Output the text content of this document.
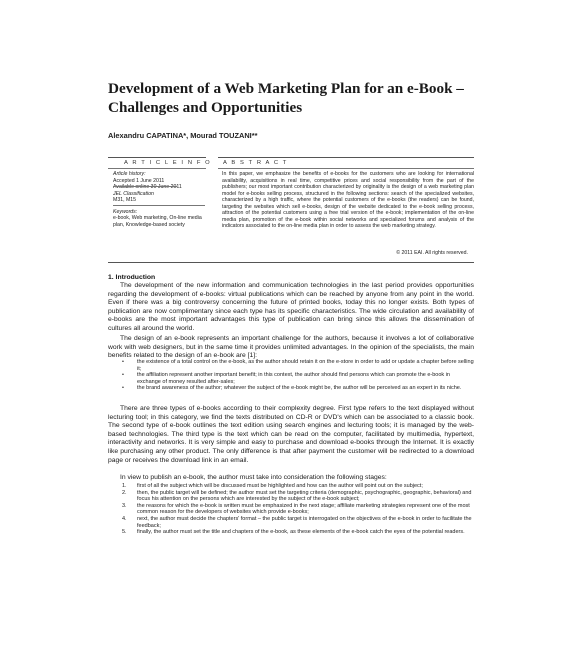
Development of a Web Marketing Plan for an e-Book –
Challenges and Opportunities
Alexandru CAPATINA*, Mourad TOUZANI**
A R T I C L E I N F O A B S T R A C T
Article history:
Accepted 1 June 2011
Available online 30 June 2011
JEL Classification
M31, M15
Keywords:
e-book, Web marketing, On-line media plan, Knowledge-based society
In this paper, we emphasize the benefits of e-books for the customers who are looking for international availability, acquisitions in real time, competitive prices and social responsibility from the part of the publishers; our most important contribution characterized by originality is the design of a web marketing plan model for e-books selling process, structured in the following sections: search of the specialized websites, characterized by a high traffic, where the potential customers of the e-books (the readers) can be found, targeting the websites which sell e-books, design of the website dedicated to the e-book selling process, attraction of the potential customers using a free trial version of the e-book; implementation of the on-line media plan, promotion of the e-book within social networks and specialized forums and analysis of the indicators associated to the on-line media plan in order to assess the web marketing strategy.
© 2011 EAI. All rights reserved.
1. Introduction
The development of the new information and communication technologies in the last period provides opportunities regarding the development of e-books: virtual publications which can be reached by anyone from any point in the world. Even if there was a big controversy concerning the future of printed books, today this no longer exists. Both types of publication are now complimentary since each type has its specific characteristics. The wide circulation and availability of e-books are the most important advantages this type of publication can bring since this allows the dissemination of cultures all around the world.
The design of an e-book represents an important challenge for the authors, because it involves a lot of collaborative work with web designers, but in the same time it provides unlimited advantages. In the opinion of the specialists, the main benefits related to the design of an e-book are [1]:
• the existence of a total control on the e-book, as the author should retain it on the e-store in order to add or update a chapter before selling it;
• the affiliation represent another important benefit; in this context, the author should find persons which can promote the e-book in exchange of money resulted after-sales;
• the brand awareness of the author; whatever the subject of the e-book might be, the author will be perceived as an expert in its niche.
There are three types of e-books according to their complexity degree. First type refers to the text displayed without lecturing tool; in this category, we find the texts distributed on CD-R or DVD's which can be associated to a classic book. The second type of e-book outlines the text edition using search engines and lecturing tools; it is managed by the web-based technologies. The third type is the text which can be read on the computer, facilitated by multimedia, hypertext, interactivity and networks. It is very simple and easy to purchase and download e-books through the Internet. It is exactly like purchasing any other product. The only difference is that after payment the customer will be redirected to a download page or receives the download link in an email.
In view to publish an e-book, the author must take into consideration the following stages:
1. first of all the subject which will be discussed must be highlighted and how can the author will point out on the subject;
2. then, the public target will be defined; the author must set the targeting criteria (demographic, psychographic, geographic, behavioral) and focus his attention on the persons which are interested by the subject of the e-book subject;
3. the reasons for which the e-book is written must be emphasized in the next stage; affiliate marketing strategies represent one of the most common reason for the developers of websites which provide e-books;
4. next, the author must decide the chapters' format – the public target is interrogated on the objectives of the e-book in order to facilitate the feedback;
5. finally, the author must set the title and chapters of the e-book, as these elements of the e-book catch the eyes of the potential readers.
